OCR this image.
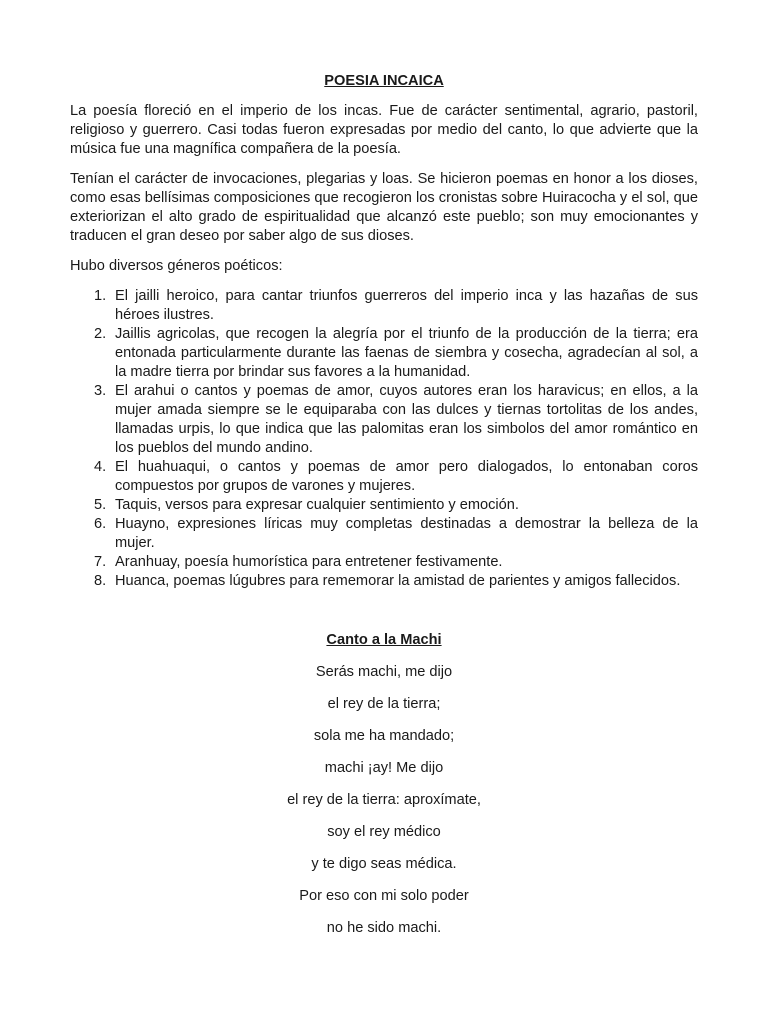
POESIA INCAICA

La poesía floreció en el imperio de los incas. Fue de carácter sentimental, agrario, pastoril, religioso y guerrero. Casi todas fueron expresadas por medio del canto, lo que advierte que la música fue una magnífica compañera de la poesía.

Tenían el carácter de invocaciones, plegarias y loas. Se hicieron poemas en honor a los dioses, como esas bellísimas composiciones que recogieron los cronistas sobre Huiracocha y el sol, que exteriorizan el alto grado de espiritualidad que alcanzó este pueblo; son muy emocionantes y traducen el gran deseo por saber algo de sus dioses.

Hubo diversos géneros poéticos:

1. El jailli heroico, para cantar triunfos guerreros del imperio inca y las hazañas de sus héroes ilustres.
2. Jaillis agricolas, que recogen la alegría por el triunfo de la producción de la tierra; era entonada particularmente durante las faenas de siembra y cosecha, agradecían al sol, a la madre tierra por brindar sus favores a la humanidad.
3. El arahui o cantos y poemas de amor, cuyos autores eran los haravicus; en ellos, a la mujer amada siempre se le equiparaba con las dulces y tiernas tortolitas de los andes, llamadas urpis, lo que indica que las palomitas eran los simbolos del amor romántico en los pueblos del mundo andino.
4. El huahuaqui, o cantos y poemas de amor pero dialogados, lo entonaban coros compuestos por grupos de varones y mujeres.
5. Taquis, versos para expresar cualquier sentimiento y emoción.
6. Huayno, expresiones líricas muy completas destinadas a demostrar la belleza de la mujer.
7. Aranhuay, poesía humorística para entretener festivamente.
8. Huanca, poemas lúgubres para rememorar la amistad de parientes y amigos fallecidos.
Canto a la Machi
Serás machi, me dijo
el rey de la tierra;
sola me ha mandado;
machi ¡ay! Me dijo
el rey de la tierra: aproxímate,
soy el rey médico
y te digo seas médica.
Por eso con mi solo poder
no he sido machi.
